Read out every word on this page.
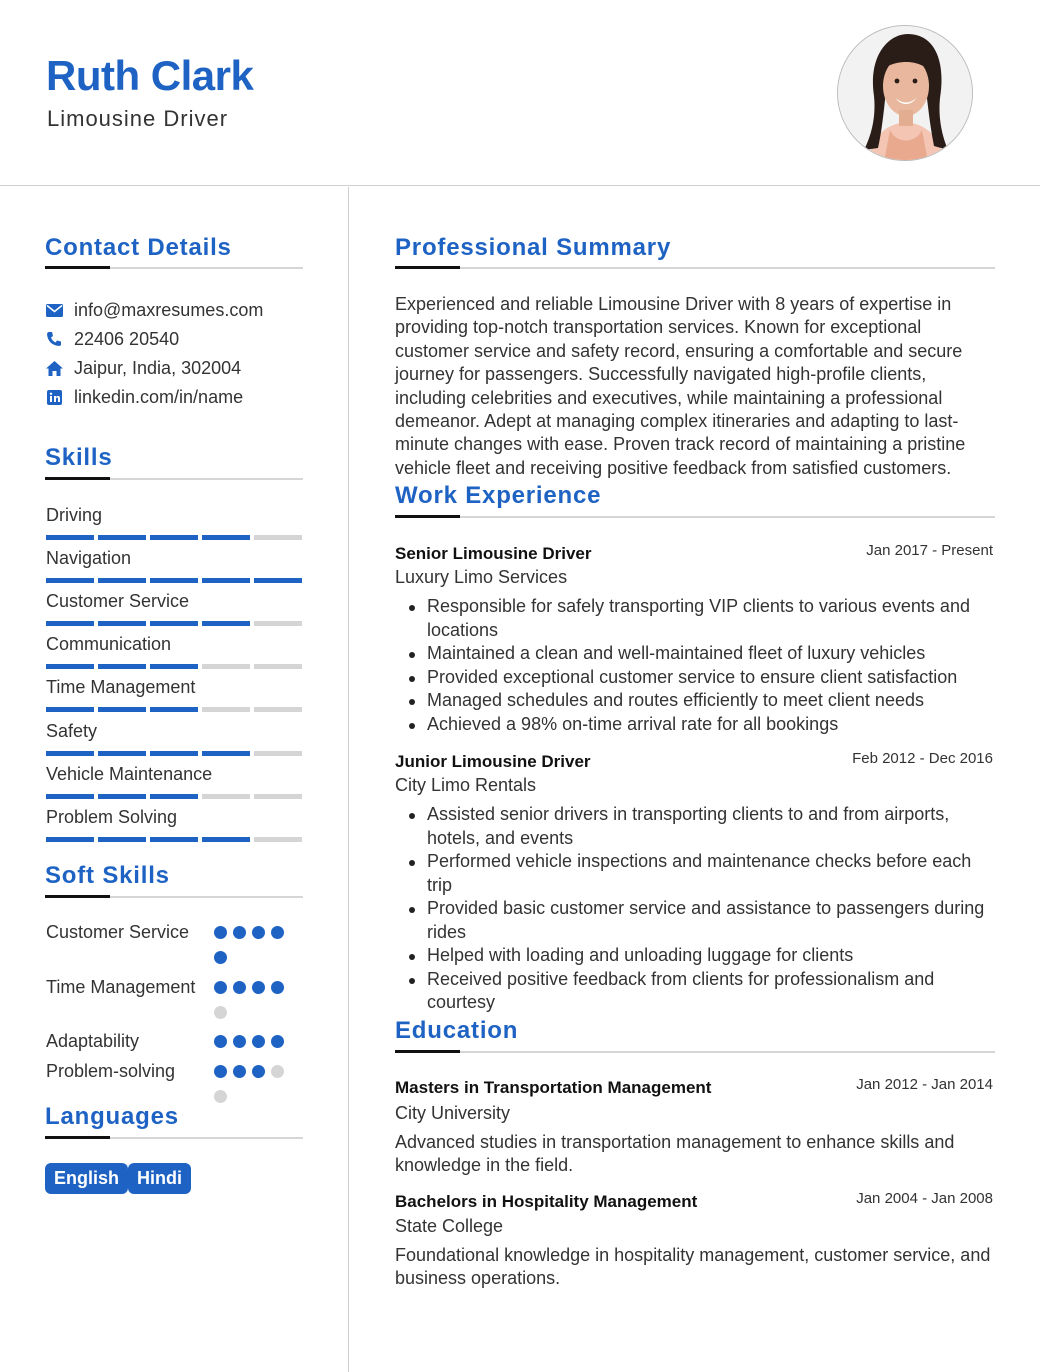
Ruth Clark
Limousine Driver
Contact Details
info@maxresumes.com
22406 20540
Jaipur, India, 302004
linkedin.com/in/name
Skills
Driving
Navigation
Customer Service
Communication
Time Management
Safety
Vehicle Maintenance
Problem Solving
Soft Skills
Customer Service
Time Management
Adaptability
Problem-solving
Languages
English Hindi
Professional Summary
Experienced and reliable Limousine Driver with 8 years of expertise in providing top-notch transportation services. Known for exceptional customer service and safety record, ensuring a comfortable and secure journey for passengers. Successfully navigated high-profile clients, including celebrities and executives, while maintaining a professional demeanor. Adept at managing complex itineraries and adapting to last-minute changes with ease. Proven track record of maintaining a pristine vehicle fleet and receiving positive feedback from satisfied customers.
Work Experience
Senior Limousine Driver	Jan 2017 - Present
Luxury Limo Services
Responsible for safely transporting VIP clients to various events and locations
Maintained a clean and well-maintained fleet of luxury vehicles
Provided exceptional customer service to ensure client satisfaction
Managed schedules and routes efficiently to meet client needs
Achieved a 98% on-time arrival rate for all bookings
Junior Limousine Driver	Feb 2012 - Dec 2016
City Limo Rentals
Assisted senior drivers in transporting clients to and from airports, hotels, and events
Performed vehicle inspections and maintenance checks before each trip
Provided basic customer service and assistance to passengers during rides
Helped with loading and unloading luggage for clients
Received positive feedback from clients for professionalism and courtesy
Education
Masters in Transportation Management	Jan 2012 - Jan 2014
City University
Advanced studies in transportation management to enhance skills and knowledge in the field.
Bachelors in Hospitality Management	Jan 2004 - Jan 2008
State College
Foundational knowledge in hospitality management, customer service, and business operations.
